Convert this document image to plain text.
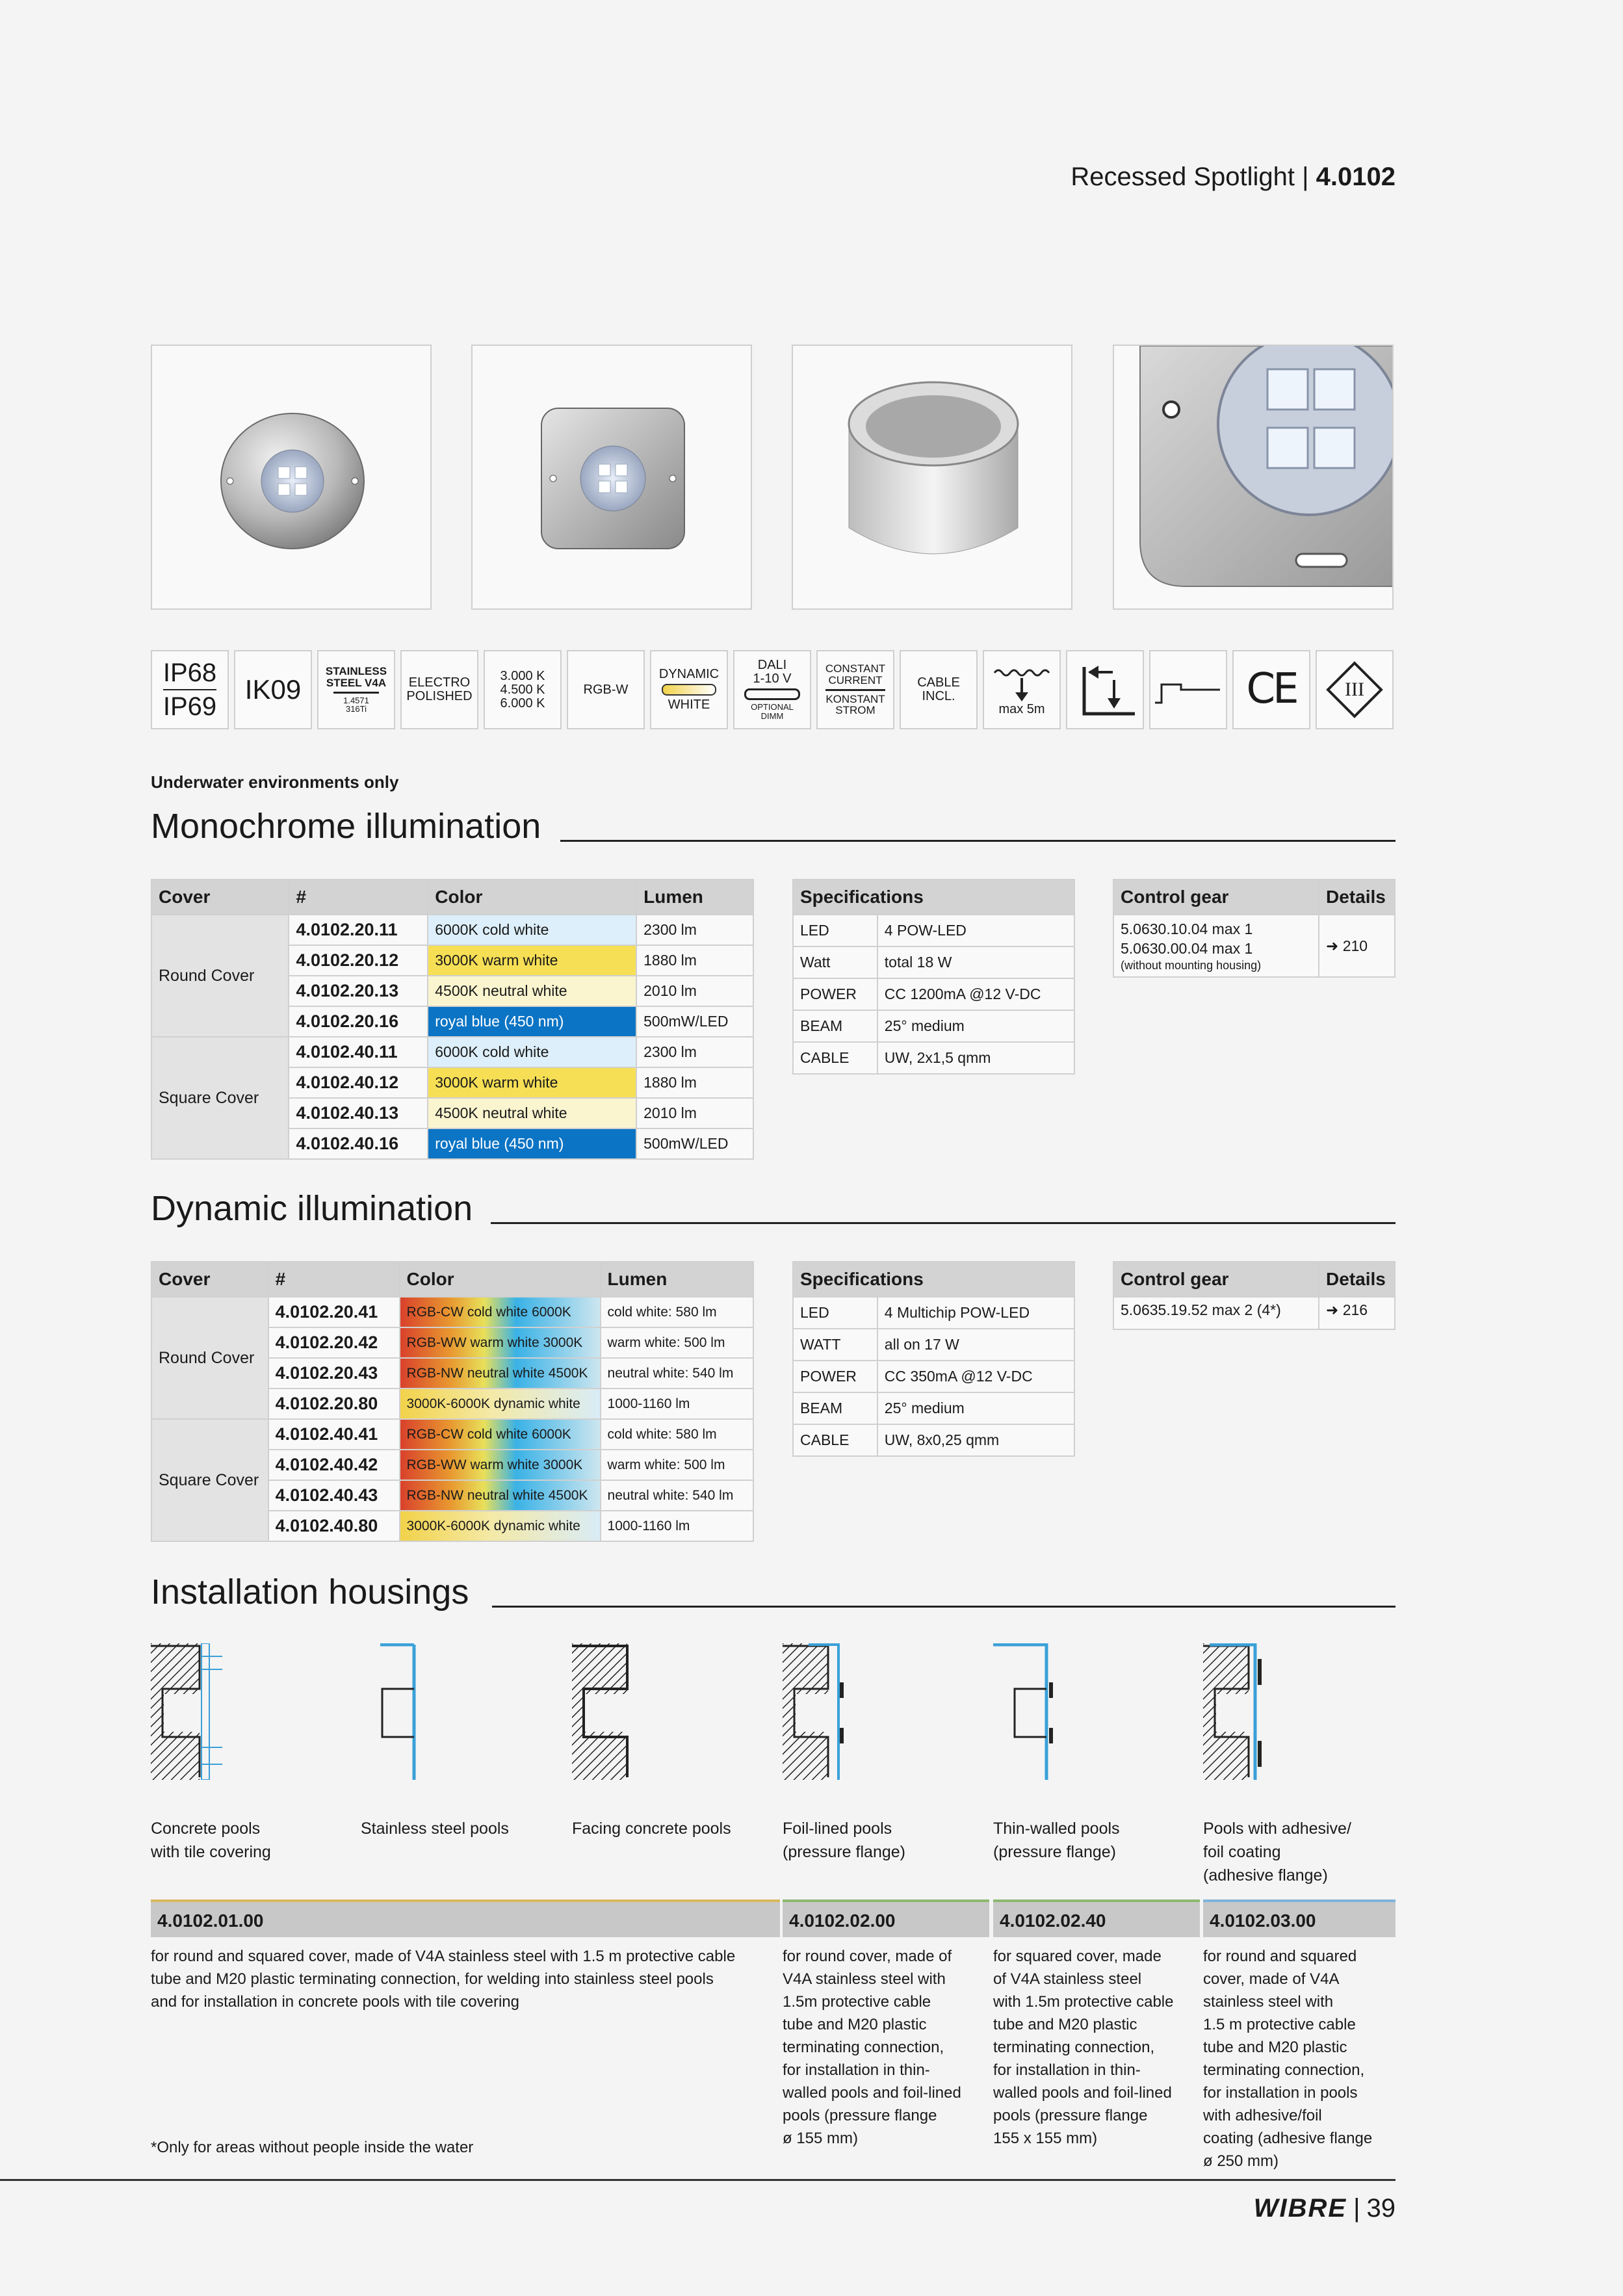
Recessed Spotlight | 4.0102
IP68
IP69
IK09
STAINLESS
STEEL V4A
1.4571
316Ti
ELECTRO
POLISHED
3.000 K
4.500 K
6.000 K
RGB-W
DYNAMIC
WHITE
DALI
1-10 V
OPTIONAL
DIMM
CONSTANT
CURRENT
KONSTANT
STROM
CABLE
INCL.
max 5m	CE III
Underwater environments only
Monochrome illumination
Cover	#	Color	Lumen
Round Cover	4.0102.20.11	6000K cold white	2300 lm
	4.0102.20.12	3000K warm white	1880 lm
	4.0102.20.13	4500K neutral white	2010 lm
	4.0102.20.16	royal blue (450 nm)	500mW/LED
Square Cover	4.0102.40.11	6000K cold white	2300 lm
	4.0102.40.12	3000K warm white	1880 lm
	4.0102.40.13	4500K neutral white	2010 lm
	4.0102.40.16	royal blue (450 nm)	500mW/LED
Specifications	
LED	4 POW-LED
Watt	total 18 W
POWER	CC 1200mA @12 V-DC
BEAM	25° medium
CABLE	UW, 2x1,5 qmm
Control gear	Details

5.0630.10.04 max 1
5.0630.00.04 max 1
(without mounting housing)	➜ 210
Dynamic illumination
Cover	#	Color	Lumen
Round Cover	4.0102.20.41	RGB-CW cold white 6000K	cold white: 580 lm
	4.0102.20.42	RGB-WW warm white 3000K	warm white: 500 lm
	4.0102.20.43	RGB-NW neutral white 4500K	neutral white: 540 lm
	4.0102.20.80	3000K-6000K dynamic white	1000-1160 lm
Square Cover	4.0102.40.41	RGB-CW cold white 6000K	cold white: 580 lm
	4.0102.40.42	RGB-WW warm white 3000K	warm white: 500 lm
	4.0102.40.43	RGB-NW neutral white 4500K	neutral white: 540 lm
	4.0102.40.80	3000K-6000K dynamic white	1000-1160 lm
Specifications	
LED	4 Multichip POW-LED
WATT	all on 17 W
POWER	CC 350mA @12 V-DC
BEAM	25° medium
CABLE	UW, 8x0,25 qmm
Control gear	Details
5.0635.19.52 max 2 (4*)	➜ 216
Installation housings
Concrete pools
with tile covering
Stainless steel pools	Facing concrete pools	Foil-lined pools
(pressure flange)
Thin-walled pools
(pressure flange)
Pools with adhesive/
foil coating
(adhesive flange)
4.0102.01.00	4.0102.02.00	4.0102.02.40	4.0102.03.00
for round and squared cover, made of V4A stainless steel with 1.5 m protective cable
tube and M20 plastic terminating connection, for welding into stainless steel pools
and for installation in concrete pools with tile covering
for round cover, made of
V4A stainless steel with
1.5m protective cable
tube and M20 plastic
terminating connection,
for installation in thin-
walled pools and foil-lined
pools (pressure flange
ø 155 mm)
for squared cover, made
of V4A stainless steel
with 1.5m protective cable
tube and M20 plastic
terminating connection,
for installation in thin-
walled pools and foil-lined
pools (pressure flange
155 x 155 mm)
for round and squared
cover, made of V4A
stainless steel with
1.5 m protective cable
tube and M20 plastic
terminating connection,
for installation in pools
with adhesive/foil
coating (adhesive flange
ø 250 mm)
*Only for areas without people inside the water
WIBRE | 39
